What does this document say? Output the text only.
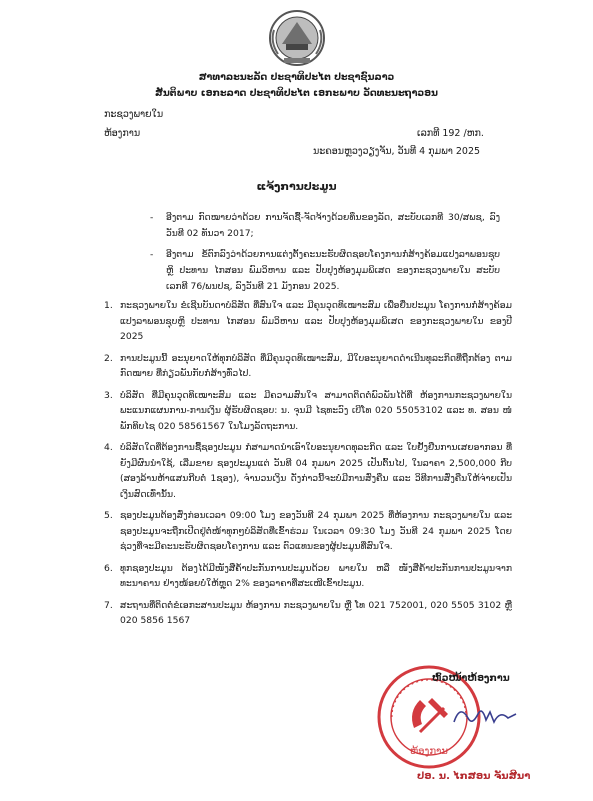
ສາທາລະນະລັດ ປະຊາທິປະໄຕ ປະຊາຊົນລາວ
ສັນຕິພາບ ເອກະລາດ ປະຊາທິປະໄຕ ເອກະພາບ ວັດທະນະຖາວອນ
ກະຊວງພາຍໃນ
ຫ້ອງການ	ເລກທີ 192 /ຫກ.
ນະຄອນຫຼວງວຽງຈັນ, ວັນທີ 4 ກຸມພາ 2025
ແຈ້ງການປະມູນ
-	ອີງຕາມ ກົດໝາຍວ່າດ້ວຍ ການຈັດຊື້-ຈັດຈ້າງດ້ວຍທຶນຂອງລັດ, ສະບັບເລກທີ 30/ສພຊ, ລົງວັນທີ 02 ທັນວາ 2017;
-	ອີງຕາມ ຂໍ້ຕົກລົງວ່າດ້ວຍການແຕ່ງຕັ້ງຄະນະຮັບຜິດຊອບໂຄງການກໍ່ສ້າງຄ້ອມແປງລາພອນຊຸບຫຼິ ປະທານ ໄກສອນ ພົມວິຫານ ແລະ ປັບປຸງຫ້ອງມຸມພິເສດ ຂອງກະຊວງພາຍໃນ ສະບັບເລກທີ 76/ພນປຊ, ລົງວັນທີ 21 ມັງກອນ 2025.
1. ກະຊວງພາຍໃນ ຂໍເຊີນບັນດາບໍລິສັດ ທີ່ສົນໃຈ ແລະ ມີຄຸນວຸດທິເໝາະສົມ ເພື່ອຍື່ນປະມູນ ໂຄງການກໍ່ສ້າງຄ້ອມແປງລາພອນຊຸບຫຼິ ປະທານ ໄກສອນ ພົມວິຫານ ແລະ ປັບປຸງຫ້ອງມຸມພິເສດ ຂອງກະຊວງພາຍໃນ ຂອງປີ 2025
2. ການປະມູນນີ້ ອະນຸຍາດໃຫ້ທຸກບໍລິສັດ ທີ່ມີຄຸນວຸດທິເໝາະສົມ, ມີໃບອະນຸຍາດດຳເນີນທຸລະກິດທີ່ຖືກຕ້ອງ ຕາມກົດໝາຍ ທີ່ກ່ຽວພັນກັບກໍ່ສ້າງທົ່ວໄປ.
3. ບໍລິສັດ ທີ່ມີຄຸນວຸດທິເໝາະສົມ ແລະ ມີຄວາມສົນໃຈ ສາມາດຕິດຕໍ່ພົວພັນໄດ້ທີ່ ຫ້ອງການກະຊວງພາຍໃນ ພະແນກແຜນການ-ການເງິນ ຜູ້ຮັບຜິດຊອບ: ນ. ຈຸນມີ ໄຊທະວົງ ເບີໂທ 020 55053102 ແລະ ທ. ສອນ ໜໍພັກທິບໄຊ 020 58561567 ໃນໂມງລັດຖະການ.
4. ບໍລິສັດໃດທີ່ຕ້ອງການຊື້ຊອງປະມູນ ກໍສາມາດນຳເອົາໃບອະນຸຍາດທຸລະກິດ ແລະ ໃບຢັ້ງຢືນການເສຍອາກອນ ທີ່ຍັງມີຜົນນຳໃຊ້, ເລີ່ມຂາຍ ຊອງປະມູນແຕ່ ວັນທີ 04 ກຸມພາ 2025 ເປັນຕົ້ນໄປ, ໃນລາຄາ 2,500,000 ກີບ (ສອງລ້ານຫ້າແສນກີບຕໍ່ 1ຊອງ), ຈຳນວນເງິນ ດັ່ງກ່າວນີ້ຈະບໍ່ມີການສົ່ງຄືນ ແລະ ວິທີການສົ່ງຄືນໃຫ້ຈ່າຍເປັນເງິນສົດເທົ່ານັ້ນ.
5. ຊອງປະມູນຕ້ອງສົ່ງກ່ອນເວລາ 09:00 ໂມງ ຂອງວັນທີ 24 ກຸມພາ 2025 ທີ່ຫ້ອງການ ກະຊວງພາຍໃນ ແລະ ຊອງປະມູນຈະຖືກເປີດຢູ່ຕໍ່ໜ້າທຸກໆບໍລິສັດທີ່ເຂົ້າຮ່ວມ ໃນເວລາ 09:30 ໂມງ ວັນທີ 24 ກຸມພາ 2025 ໂດຍຊ່ວງທີ່ຈະມີຄະນະຮັບຜິດຊອບໂຄງການ ແລະ ຕົວແທນຂອງຜູ້ປະມູນທີ່ສົນໃຈ.
6. ທຸກຊອງປະມູນ ຕ້ອງໄດ້ມີໜັງສືຄ້ຳປະກັນການປະມູນດ້ວຍ ພາຍໃນ ຫລື ໜັງສືຄ້ຳປະກັນການປະມູນຈາກທະນາຄານ ຢ່າງໜ້ອຍບໍ່ໃຫ້ຫຼຸດ 2% ຂອງລາຄາທີ່ສະເໜີເຂົ້າປະມູນ.
7. ສະຖານທີ່ຕິດຕໍ່ຂໍເອກະສານປະມູນ ຫ້ອງການ ກະຊວງພາຍໃນ ຫຼື ໂທ 021 752001, 020 5505 3102 ຫຼື 020 5856 1567
ຫ້ອງການ
ຫົວໜ້າຫ້ອງການ
ປອ. ນ. ໄກສອນ ຈັນສີນາ
